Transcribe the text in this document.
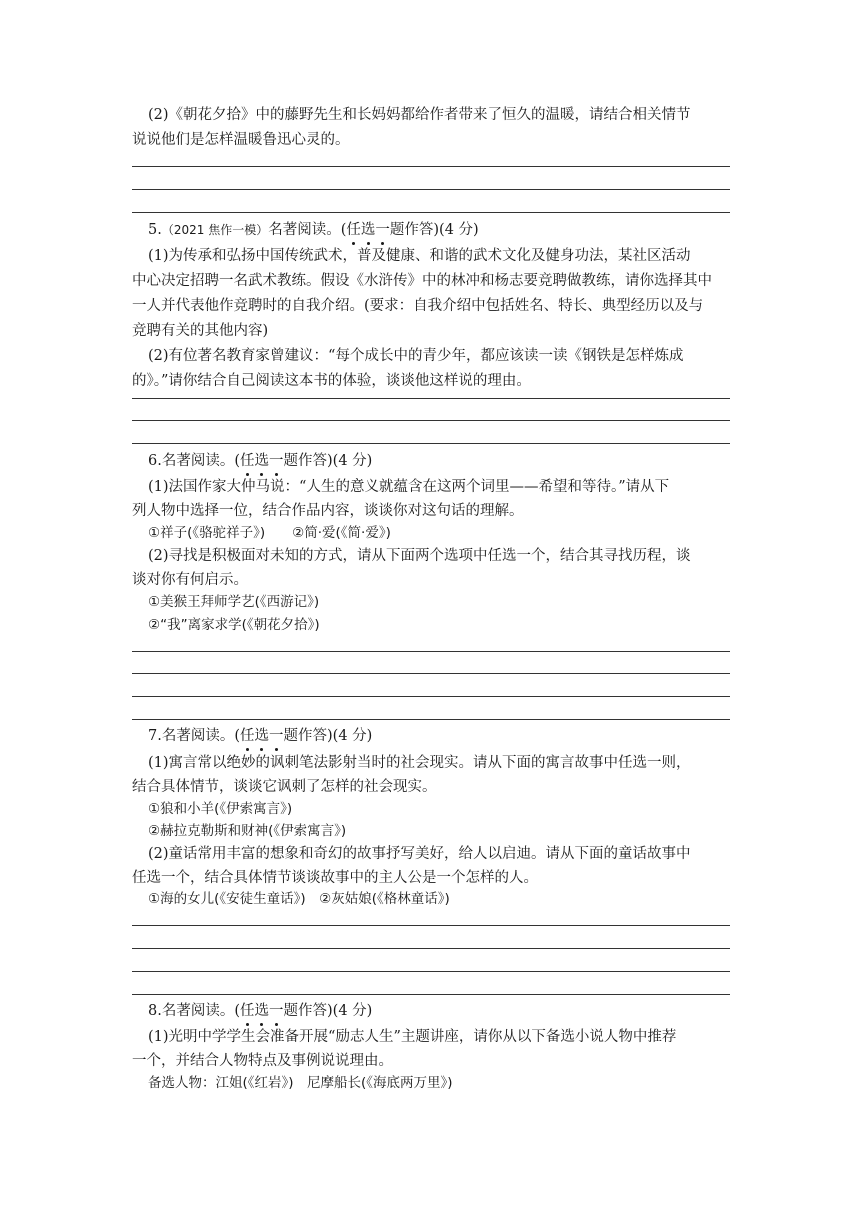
(2)《朝花夕拾》中的藤野先生和长妈妈都给作者带来了恒久的温暖，请结合相关情节
说说他们是怎样温暖鲁迅心灵的。
5.（2021 焦作一模）名著阅读。(任选一题作答)(4 分)
(1)为传承和弘扬中国传统武术，普及健康、和谐的武术文化及健身功法，某社区活动
中心决定招聘一名武术教练。假设《水浒传》中的林冲和杨志要竞聘做教练，请你选择其中
一人并代表他作竞聘时的自我介绍。(要求：自我介绍中包括姓名、特长、典型经历以及与
竞聘有关的其他内容)
(2)有位著名教育家曾建议：“每个成长中的青少年，都应该读一读《钢铁是怎样炼成
的》。”请你结合自己阅读这本书的体验，谈谈他这样说的理由。
6.名著阅读。(任选一题作答)(4 分)
(1)法国作家大仲马说：“人生的意义就蕴含在这两个词里——希望和等待。”请从下
列人物中选择一位，结合作品内容，谈谈你对这句话的理解。
①祥子(《骆驼祥子》)　　②简·爱(《简·爱》)
(2)寻找是积极面对未知的方式，请从下面两个选项中任选一个，结合其寻找历程，谈
谈对你有何启示。
①美猴王拜师学艺(《西游记》)
②“我”离家求学(《朝花夕拾》)
7.名著阅读。(任选一题作答)(4 分)
(1)寓言常以绝妙的讽刺笔法影射当时的社会现实。请从下面的寓言故事中任选一则，
结合具体情节，谈谈它讽刺了怎样的社会现实。
①狼和小羊(《伊索寓言》)
②赫拉克勒斯和财神(《伊索寓言》)
(2)童话常用丰富的想象和奇幻的故事抒写美好，给人以启迪。请从下面的童话故事中
任选一个，结合具体情节谈谈故事中的主人公是一个怎样的人。
①海的女儿(《安徒生童话》)　②灰姑娘(《格林童话》)
8.名著阅读。(任选一题作答)(4 分)
(1)光明中学学生会准备开展“励志人生”主题讲座，请你从以下备选小说人物中推荐
一个，并结合人物特点及事例说说理由。
备选人物：江姐(《红岩》)　尼摩船长(《海底两万里》)
